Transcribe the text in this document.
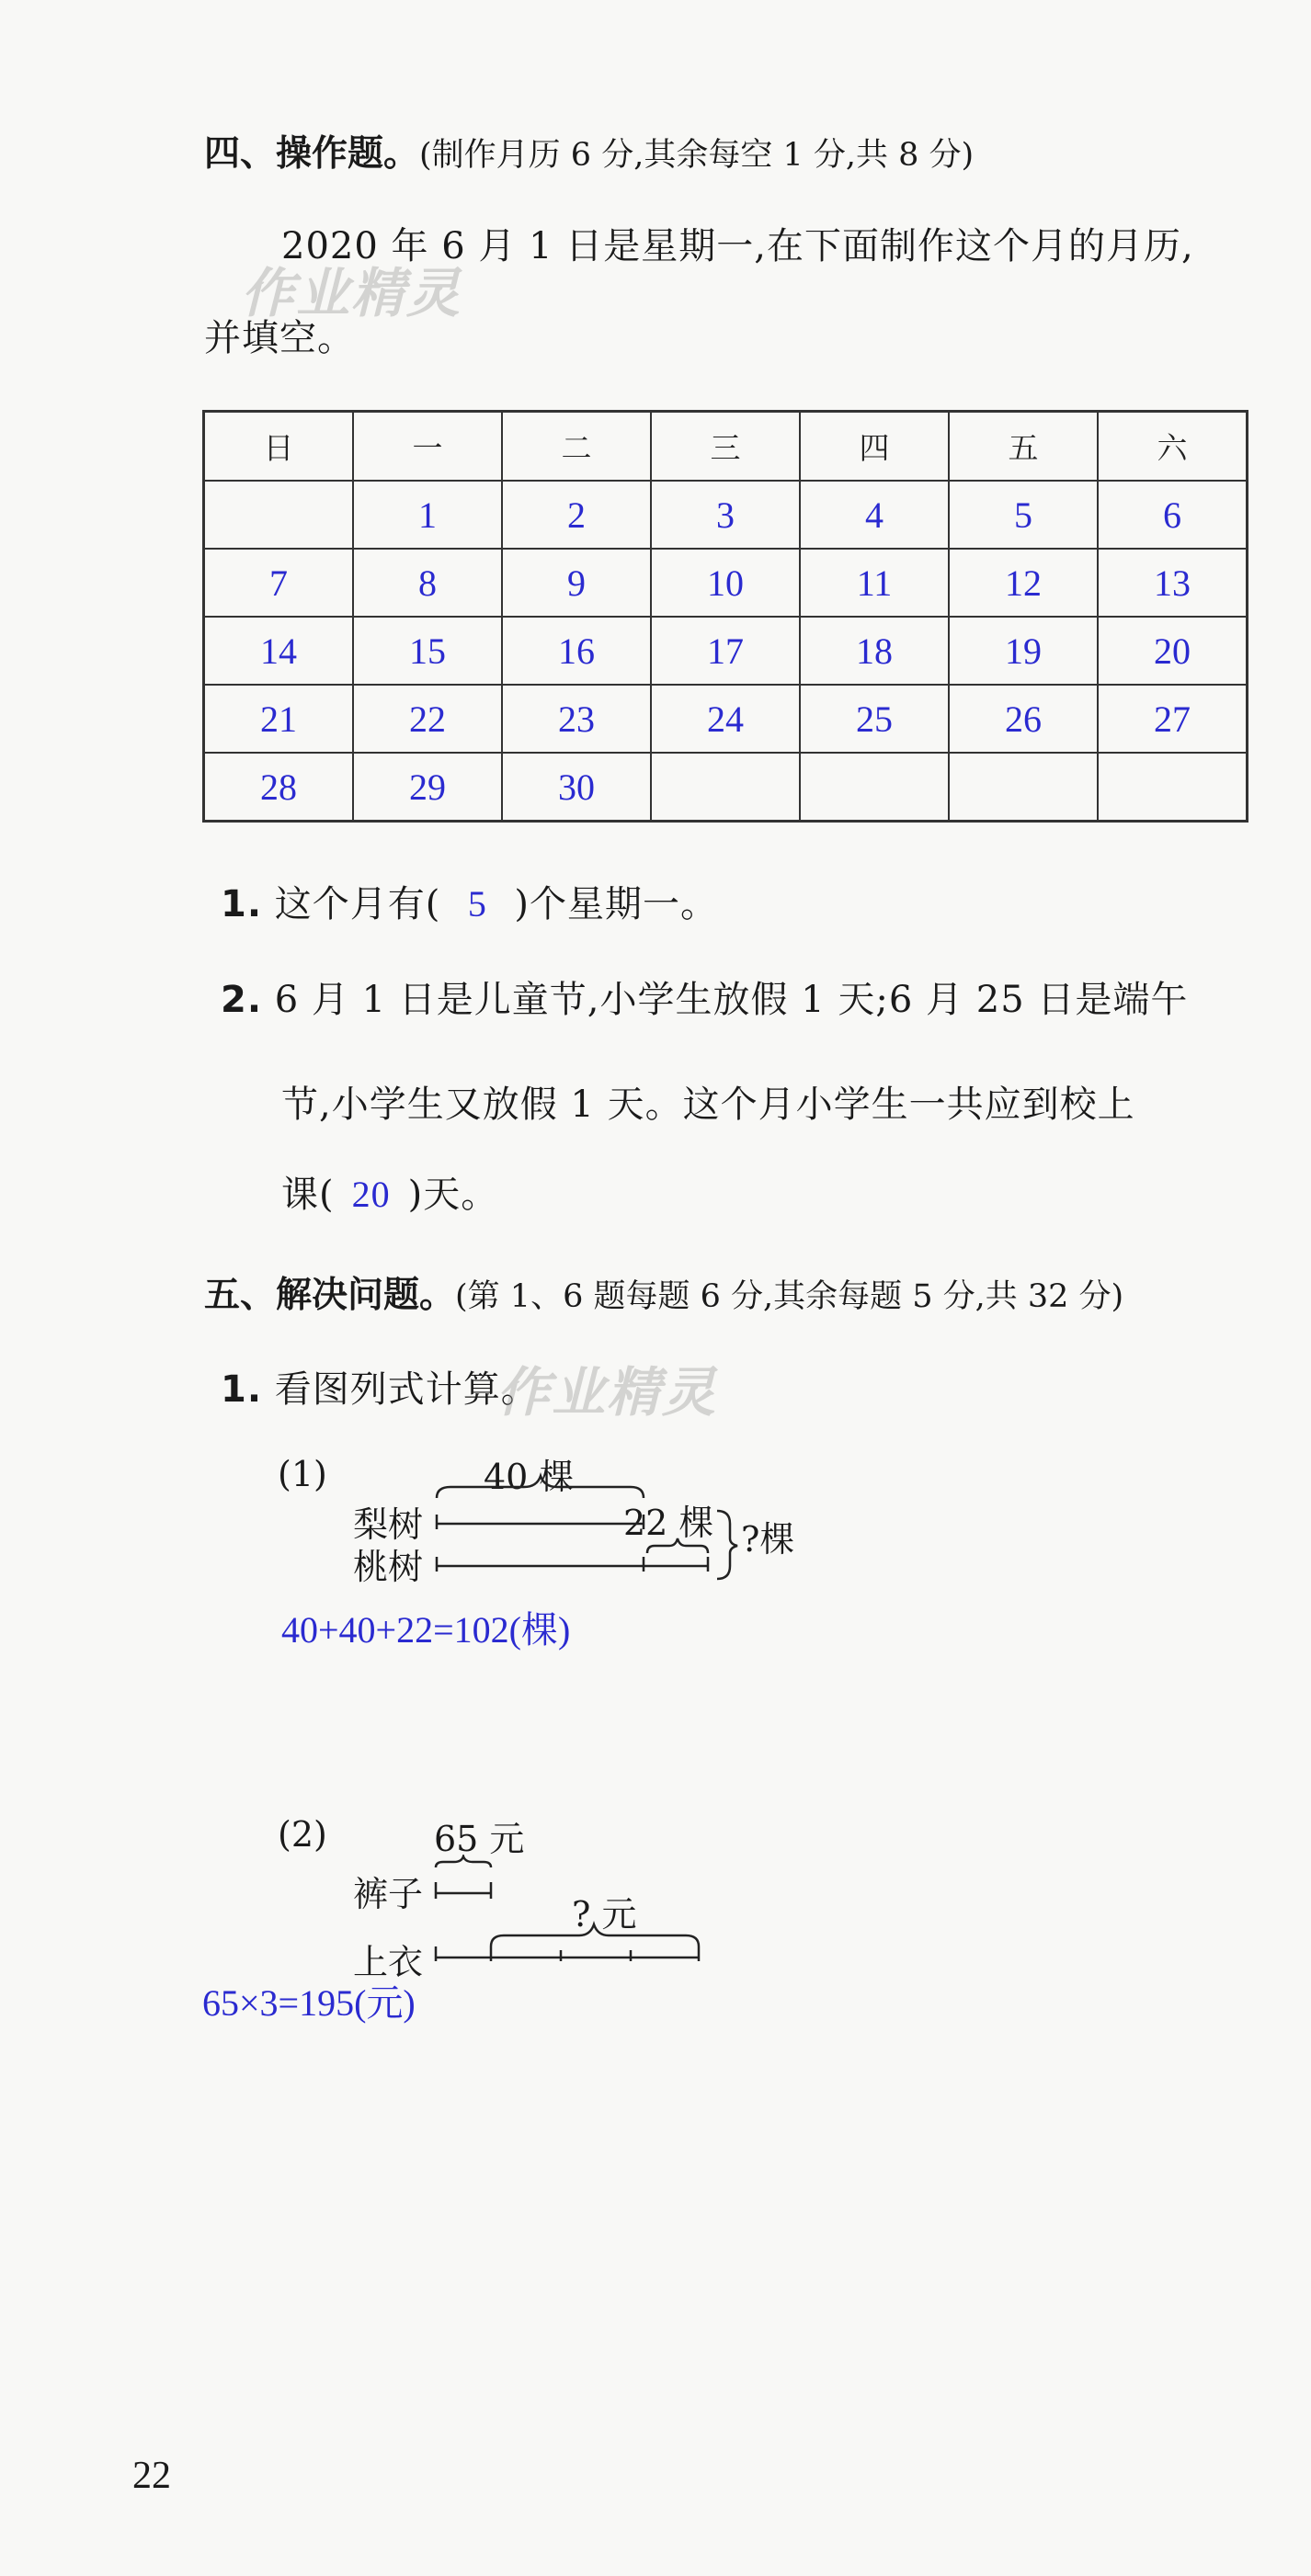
四、操作题。(制作月历 6 分,其余每空 1 分,共 8 分)
2020 年 6 月 1 日是星期一,在下面制作这个月的月历,
并填空。
作业精灵
日	一	二	三	四	五	六
	1	2	3	4	5	6
7	8	9	10	11	12	13
14	15	16	17	18	19	20
21	22	23	24	25	26	27
28	29	30				
1. 这个月有( 5 )个星期一。
2. 6 月 1 日是儿童节,小学生放假 1 天;6 月 25 日是端午
节,小学生又放假 1 天。这个月小学生一共应到校上
课( 20 )天。
五、解决问题。(第 1、6 题每题 6 分,其余每题 5 分,共 32 分)
1. 看图列式计算。
作业精灵
(1)	40 棵
梨树
桃树
22 棵 ?棵
40+40+22=102(棵)
(2)	65 元
裤子	? 元
上衣
65×3=195(元)
22
